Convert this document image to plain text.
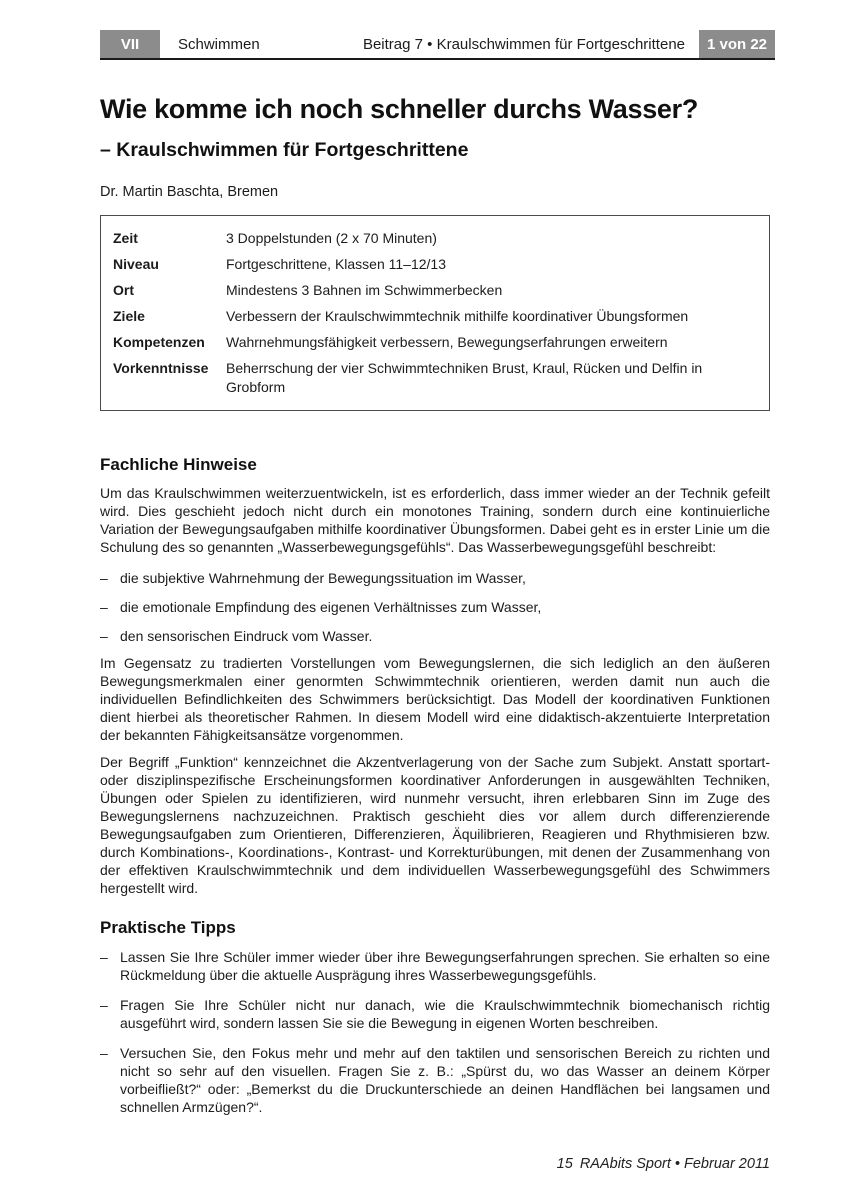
VII	Schwimmen	Beitrag 7 • Kraulschwimmen für Fortgeschrittene	1 von 22
Wie komme ich noch schneller durchs Wasser?
– Kraulschwimmen für Fortgeschrittene

Dr. Martin Baschta, Bremen

Zeit	3 Doppelstunden (2 x 70 Minuten)
Niveau	Fortgeschrittene, Klassen 11–12/13
Ort	Mindestens 3 Bahnen im Schwimmerbecken
Ziele	Verbessern der Kraulschwimmtechnik mithilfe koordinativer Übungsformen
Kompetenzen	Wahrnehmungsfähigkeit verbessern, Bewegungserfahrungen erweitern
Vorkenntnisse	Beherrschung der vier Schwimmtechniken Brust, Kraul, Rücken und Delfin in Grobform
Fachliche Hinweise

Um das Kraulschwimmen weiterzuentwickeln, ist es erforderlich, dass immer wieder an der Technik gefeilt wird. Dies geschieht jedoch nicht durch ein monotones Training, sondern durch eine kontinuierliche Variation der Bewegungsaufgaben mithilfe koordinativer Übungsformen. Dabei geht es in erster Linie um die Schulung des so genannten „Wasserbewegungsgefühls“. Das Wasserbewegungsgefühl beschreibt:

– die subjektive Wahrnehmung der Bewegungssituation im Wasser,
– die emotionale Empfindung des eigenen Verhältnisses zum Wasser,
– den sensorischen Eindruck vom Wasser.

Im Gegensatz zu tradierten Vorstellungen vom Bewegungslernen, die sich lediglich an den äußeren Bewegungsmerkmalen einer genormten Schwimmtechnik orientieren, werden damit nun auch die individuellen Befindlichkeiten des Schwimmers berücksichtigt. Das Modell der koordinativen Funktionen dient hierbei als theoretischer Rahmen. In diesem Modell wird eine didaktisch-akzentuierte Interpretation der bekannten Fähigkeitsansätze vorgenommen.

Der Begriff „Funktion“ kennzeichnet die Akzentverlagerung von der Sache zum Subjekt. Anstatt sportart- oder disziplinspezifische Erscheinungsformen koordinativer Anforderungen in ausgewählten Techniken, Übungen oder Spielen zu identifizieren, wird nunmehr versucht, ihren erlebbaren Sinn im Zuge des Bewegungslernens nachzuzeichnen. Praktisch geschieht dies vor allem durch differenzierende Bewegungsaufgaben zum Orientieren, Differenzieren, Äquilibrieren, Reagieren und Rhythmisieren bzw. durch Kombinations-, Koordinations-, Kontrast- und Korrekturübungen, mit denen der Zusammenhang von der effektiven Kraulschwimmtechnik und dem individuellen Wasserbewegungsgefühl des Schwimmers hergestellt wird.

Praktische Tipps
– Lassen Sie Ihre Schüler immer wieder über ihre Bewegungserfahrungen sprechen. Sie erhalten so eine Rückmeldung über die aktuelle Ausprägung ihres Wasserbewegungsgefühls.
– Fragen Sie Ihre Schüler nicht nur danach, wie die Kraulschwimmtechnik biomechanisch richtig ausgeführt wird, sondern lassen Sie sie die Bewegung in eigenen Worten beschreiben.
– Versuchen Sie, den Fokus mehr und mehr auf den taktilen und sensorischen Bereich zu richten und nicht so sehr auf den visuellen. Fragen Sie z. B.: „Spürst du, wo das Wasser an deinem Körper vorbeifließt?“ oder: „Bemerkst du die Druckunterschiede an deinen Handflächen bei langsamen und schnellen Armzügen?“.
15 RAAbits Sport • Februar 2011
